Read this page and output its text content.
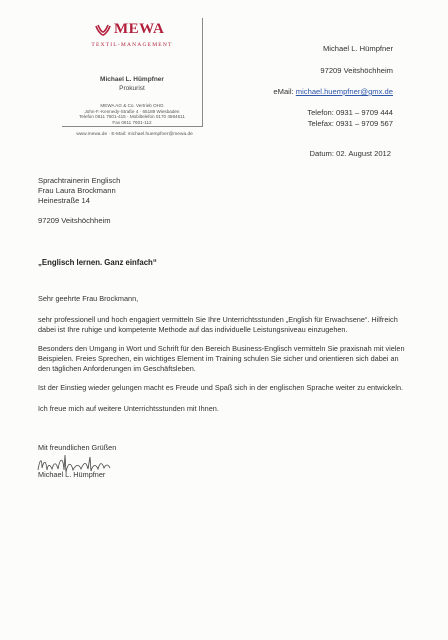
MEWA
TEXTIL-MANAGEMENT
Michael L. Hümpfner
Prokurist
MEWA AG & Co. Vertrieb OHG
John-F.-Kennedy-Straße 4 · 65189 Wiesbaden
Telefon 0611 7601-415 · Mobiltelefon 0170 4584611
Fax 0611 7601-112
www.mewa.de · E-Mail: michael.huempfner@mewa.de
Michael L. Hümpfner
97209 Veitshöchheim
eMail: michael.huempfner@gmx.de
Telefon: 0931 – 9709 444
Telefax: 0931 – 9709 567
Datum: 02. August 2012
Sprachtrainerin Englisch
Frau Laura Brockmann
Heinestraße 14
97209 Veitshöchheim
„Englisch lernen. Ganz einfach“
Sehr geehrte Frau Brockmann,
sehr professionell und hoch engagiert vermitteln Sie Ihre Unterrichtsstunden „English für Erwachsene“. Hilfreich dabei ist Ihre ruhige und kompetente Methode auf das individuelle Leistungsniveau einzugehen.
Besonders den Umgang in Wort und Schrift für den Bereich Business-Englisch vermitteln Sie praxisnah mit vielen Beispielen. Freies Sprechen, ein wichtiges Element im Training schulen Sie sicher und orientieren sich dabei an den täglichen Anforderungen im Geschäftsleben.
Ist der Einstieg wieder gelungen macht es Freude und Spaß sich in der englischen Sprache weiter zu entwickeln.
Ich freue mich auf weitere Unterrichtsstunden mit Ihnen.
Mit freundlichen Grüßen
Michael L. Hümpfner
